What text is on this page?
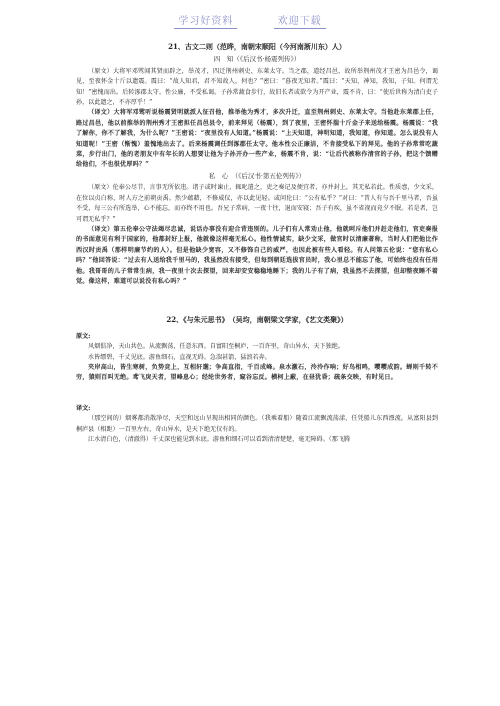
学习好资料	欢迎下载
21、古文二则（范晔，南朝宋顺阳（今河南淅川东）人）
四　知（《后汉书·杨震列传》）

（原文）大将军邓骘闻其贤而辟之，举茂才，四迁荆州刺史、东莱太守。当之郡，道经昌邑，故所举荆州茂才王密为昌邑令，谒见，至夜怀金十斤以遗震。震曰：“故人知君，君不知故人，何也？”密曰：“暮夜无知者。”震曰：“天知，神知，我知，子知。何谓无知！”密愧而出。后转涿郡太守。性公廉，不受私谒。子孙常蔬食步行，故旧长者或欲令为开产业，震不肯，曰：“使后世称为清白吏子孙，以此遗之，不亦厚乎！”

（译文）大将军邓骘听说杨震贤明就派人征召他，推举他为秀才，多次升迁，直至荆州刺史、东莱太守。当他赴东莱郡上任，路过昌邑，他以前推举的荆州秀才王密担任昌邑县令，前来拜见（杨震），到了夜里，王密怀揣十斤金子来送给杨震。杨震说：“我了解你，你不了解我，为什么呢？”王密说：“夜里没有人知道。”杨震说：“上天知道，神明知道，我知道，你知道。怎么说没有人知道呢！”王密（惭愧）羞愧地出去了。后来杨震调任到涿郡任太守。他本性公正廉洁，不肯接受私下的拜见。他的子孙常常吃蔬菜，步行出门，他的老朋友中有年长的人想要让他为子孙开办一些产业，杨震不肯，说：“让后代被称作清官的子孙，把这个馈赠给他们，不也很优厚吗？”

私　心　（《后汉书·第五伦列传》）

（原文）伦奉公尽节，言事无所依违。诸子或时谏止，辄叱遣之，吏之奏记及便宜者，亦并封上，其无私若此。性质悫，少文采，在位以贞白称，时人方之前朝贡禹。然少蕴藉，不修威仪，亦以此见轻。或问伦曰：“公有私乎？”对曰：“昔人有与吾千里马者，吾虽不受，每三公有所选举，心不能忘，而亦终不用也。吾兄子常病，一夜十往，退而安寝；吾子有疾，虽不省视而竟夕不眠。若是者，岂可谓无私乎？”

（译文）第五伦奉公守法竭尽忠诚，说话办事没有迎合背违别的。儿子们有人常劝止他，他就呵斥他们并赶走他们，官吏奏报的书面意见有利于国家的，他都封好上报，他就像这样毫无私心。他性情诚实，缺少文采，做官时以清廉著称，当时人们把他比作西汉时贡禹（那样明廉节约的人）。但是他缺少宽容，又不修饰自己的威严，也因此被有些人看轻。有人问第五伦说：“您有私心吗？”他回答说：“过去有人送给我千里马的，我虽然没有接受，但每到朝廷选拔官员时，我心里总不能忘了他，可始终也没有任用他。我哥哥的儿子常常生病，我一夜里十次去探望，回来却安安稳稳地睡下；我的儿子有了病，我虽然不去探望，但却整夜睡不着觉。像这样，难道可以说没有私心吗？”

22、《与朱元思书》　（吴均，南朝梁文学家，《艺文类聚》）

原文:

风烟俱净，天山共色。从流飘荡，任意东西。自富阳至桐庐，一百许里，奇山异水，天下独绝。

水皆缥碧，千丈见底。游鱼细石，直视无碍。急湍甚箭，猛浪若奔。

夹岸高山，皆生寒树，负势竞上，互相轩邈；争高直指，千百成峰。泉水激石，泠泠作响；好鸟相鸣，嘤嘤成韵。蝉则千转不穷，猿则百叫无绝。鸢飞戾天者，望峰息心；经纶世务者，窥谷忘反。横柯上蔽，在昼犹昏；疏条交映，有时见日。

译文:

（那空间的）烟雾都消散净尽，天空和远山呈现出相同的颜色。（我乘着船）随着江流飘流荡漾，任凭船儿东西漂流。从富阳县到桐庐县（相距）一百里左右，奇山异水，是天下绝无仅有的。

江水清白色，（清澈得）千丈深也能见到水底。游鱼和细石可以看到清清楚楚，毫无障碍。（那飞腾
